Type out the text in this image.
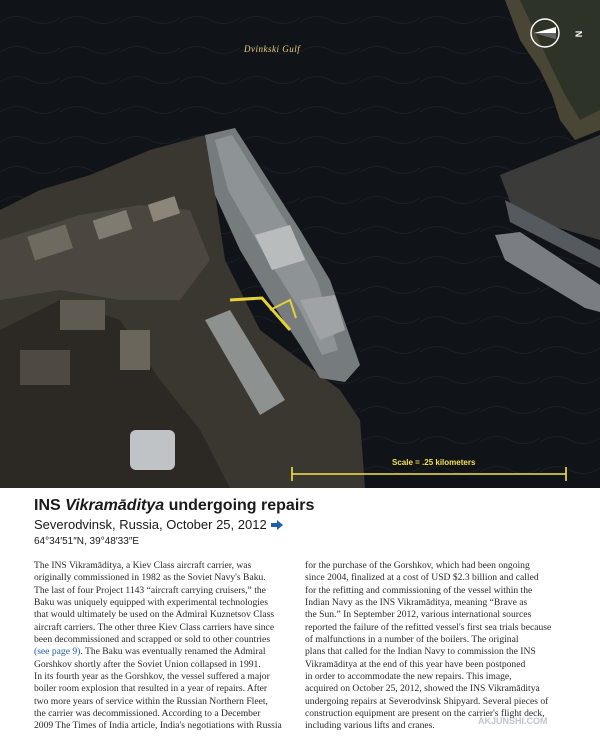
Dvinkski Gulf
Scale = .25 kilometers
N

INS Vikramāditya undergoing repairs

Severodvinsk, Russia, October 25, 2012

64°34′51″N, 39°48′33″E

The INS Vikramāditya, a Kiev Class aircraft carrier, was
originally commissioned in 1982 as the Soviet Navy's Baku.
The last of four Project 1143 “aircraft carrying cruisers,” the
Baku was uniquely equipped with experimental technologies
that would ultimately be used on the Admiral Kuznetsov Class
aircraft carriers. The other three Kiev Class carriers have since
been decommissioned and scrapped or sold to other countries
(see page 9). The Baku was eventually renamed the Admiral
Gorshkov shortly after the Soviet Union collapsed in 1991.
In its fourth year as the Gorshkov, the vessel suffered a major
boiler room explosion that resulted in a year of repairs. After
two more years of service within the Russian Northern Fleet,
the carrier was decommissioned. According to a December
2009 The Times of India article, India's negotiations with Russia
for the purchase of the Gorshkov, which had been ongoing
since 2004, finalized at a cost of USD $2.3 billion and called
for the refitting and commissioning of the vessel within the
Indian Navy as the INS Vikramāditya, meaning “Brave as
the Sun.” In September 2012, various international sources
reported the failure of the refitted vessel's first sea trials because
of malfunctions in a number of the boilers. The original
plans that called for the Indian Navy to commission the INS
Vikramāditya at the end of this year have been postponed
in order to accommodate the new repairs. This image,
acquired on October 25, 2012, showed the INS Vikramāditya
undergoing repairs at Severodvinsk Shipyard. Several pieces of
construction equipment are present on the carrier's flight deck,
including various lifts and cranes.	AKJUNSHI.COM
